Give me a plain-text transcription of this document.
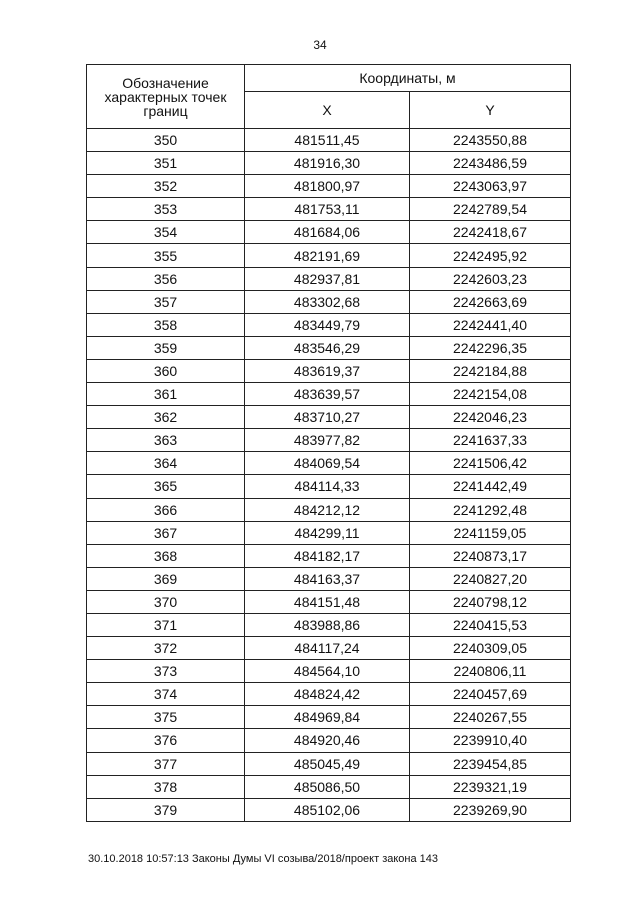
34
Обозначение характерных точек границ	Координаты, м	
	X	Y
350	481511,45	2243550,88
351	481916,30	2243486,59
352	481800,97	2243063,97
353	481753,11	2242789,54
354	481684,06	2242418,67
355	482191,69	2242495,92
356	482937,81	2242603,23
357	483302,68	2242663,69
358	483449,79	2242441,40
359	483546,29	2242296,35
360	483619,37	2242184,88
361	483639,57	2242154,08
362	483710,27	2242046,23
363	483977,82	2241637,33
364	484069,54	2241506,42
365	484114,33	2241442,49
366	484212,12	2241292,48
367	484299,11	2241159,05
368	484182,17	2240873,17
369	484163,37	2240827,20
370	484151,48	2240798,12
371	483988,86	2240415,53
372	484117,24	2240309,05
373	484564,10	2240806,11
374	484824,42	2240457,69
375	484969,84	2240267,55
376	484920,46	2239910,40
377	485045,49	2239454,85
378	485086,50	2239321,19
379	485102,06	2239269,90
30.10.2018 10:57:13 Законы Думы VI созыва/2018/проект закона 143
